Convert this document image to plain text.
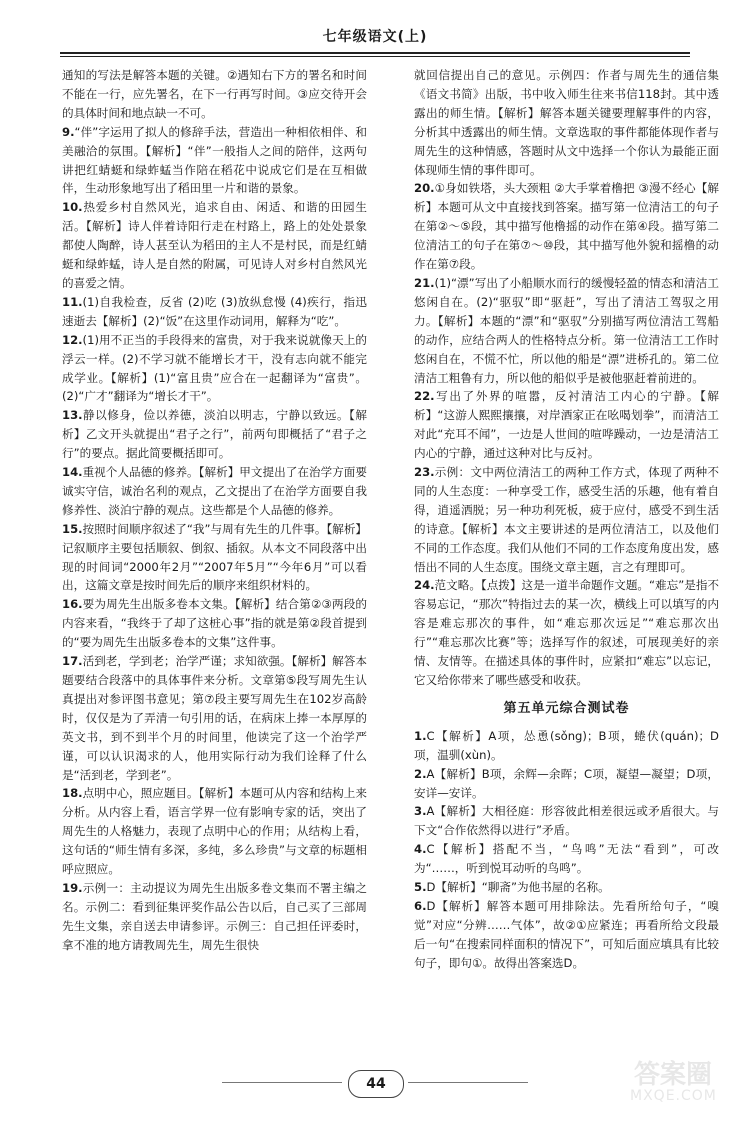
七年级语文(上)

通知的写法是解答本题的关键。②遇知右下方的署名和时间不能在一行，应先署名，在下一行再写时间。③应交待开会的具体时间和地点缺一不可。

9.“伴”字运用了拟人的修辞手法，营造出一种相依相伴、和美融洽的氛围。【解析】“伴”一般指人之间的陪伴，这两句讲把红蜻蜓和绿蚱蜢当作陪在稻花中说成它们是在互相做伴，生动形象地写出了稻田里一片和谐的景象。

10.热爱乡村自然风光，追求自由、闲适、和谐的田园生活。【解析】诗人伴着诗阳行走在村路上，路上的处处景象都使人陶醉，诗人甚至认为稻田的主人不是村民，而是红蜻蜓和绿蚱蜢，诗人是自然的附属，可见诗人对乡村自然风光的喜爱之情。

11.(1)自我检查，反省 (2)吃 (3)放纵怠慢 (4)疾行，指迅速逝去【解析】(2)“饭”在这里作动词用，解释为“吃”。

12.(1)用不正当的手段得来的富贵，对于我来说就像天上的浮云一样。(2)不学习就不能增长才干，没有志向就不能完成学业。【解析】(1)“富且贵”应合在一起翻译为“富贵”。(2)“广才”翻译为“增长才干”。

13.静以修身，俭以养德，淡泊以明志，宁静以致远。【解析】乙文开头就提出“君子之行”，前两句即概括了“君子之行”的要点。据此简要概括即可。

14.重视个人品德的修养。【解析】甲文提出了在治学方面要诚实守信，诚治名利的观点，乙文提出了在治学方面要自我修养性、淡泊宁静的观点。这些都是个人品德的修养。

15.按照时间顺序叙述了“我”与周有先生的几件事。【解析】记叙顺序主要包括顺叙、倒叙、插叙。从本文不同段落中出现的时间词“2000年2月”“2007年5月”“今年6月”可以看出，这篇文章是按时间先后的顺序来组织材料的。

16.要为周先生出版多卷本文集。【解析】结合第②③两段的内容来看，“我终于了却了这桩心事”指的就是第②段首提到的“要为周先生出版多卷本的文集”这件事。

17.活到老，学到老；治学严谨；求知欲强。【解析】解答本题要结合段落中的具体事件来分析。文章第⑤段写周先生认真提出对参评图书意见；第⑦段主要写周先生在102岁高龄时，仅仅是为了弄清一句引用的话，在病床上捧一本厚厚的英文书，到不到半个月的时间里，他读完了这一个治学严谨，可以认识渴求的人，他用实际行动为我们诠释了什么是“活到老，学到老”。

18.点明中心，照应题目。【解析】本题可从内容和结构上来分析。从内容上看，语言学界一位有影响专家的话，突出了周先生的人格魅力，表现了点明中心的作用；从结构上看，这句话的“师生情有多深，多纯，多么珍贵”与文章的标题相呼应照应。

19.示例一：主动提议为周先生出版多卷文集而不署主编之名。示例二：看到征集评奖作品公告以后，自己买了三部周先生文集，亲自送去申请参评。示例三：自己担任评委时，拿不准的地方请教周先生，周先生很快

就回信提出自己的意见。示例四：作者与周先生的通信集《语文书简》出版，书中收入师生往来书信118封。其中透露出的师生情。【解析】解答本题关键要理解事件的内容，分析其中透露出的师生情。文章选取的事件都能体现作者与周先生的这种情感，答题时从文中选择一个你认为最能正面体现师生情的事件即可。

20.①身如铁塔，头大颈粗 ②大手掌着橹把 ③漫不经心【解析】本题可从文中直接找到答案。描写第一位清洁工的句子在第②～⑤段，其中描写他橹摇的动作在第④段。描写第二位清洁工的句子在第⑦～⑩段，其中描写他外貌和摇橹的动作在第⑦段。

21.(1)“漂”写出了小船顺水而行的缓慢轻盈的情态和清洁工悠闲自在。(2)“驱驭”即“驱赶”，写出了清洁工驾驭之用力。【解析】本题的“漂”和“驱驭”分别描写两位清洁工驾船的动作，应结合两人的性格特点分析。第一位清洁工工作时悠闲自在，不慌不忙，所以他的船是“漂”进桥孔的。第二位清洁工粗鲁有力，所以他的船似乎是被他驱赶着前进的。

22.写出了外界的喧嚣，反衬清洁工内心的宁静。【解析】“这游人熙熙攘攘，对岸酒家正在吆喝划拳”，而清洁工对此“充耳不闻”，一边是人世间的喧哗躁动，一边是清洁工内心的宁静，通过这种对比与反衬。

23.示例：文中两位清洁工的两种工作方式，体现了两种不同的人生态度：一种享受工作，感受生活的乐趣，他有着自得，逍遥洒脱；另一种功利死板，疲于应付，感受不到生活的诗意。【解析】本文主要讲述的是两位清洁工，以及他们不同的工作态度。我们从他们不同的工作态度角度出发，感悟出不同的人生态度。围绕文章主题，言之有理即可。

24.范文略。【点拨】这是一道半命题作文题。“难忘”是指不容易忘记，“那次”特指过去的某一次，横线上可以填写的内容是难忘那次的事件，如“难忘那次远足”“难忘那次出行”“难忘那次比赛”等；选择写作的叙述，可展现美好的亲情、友情等。在描述具体的事件时，应紧扣“难忘”以忘记，它又给你带来了哪些感受和收获。

第五单元综合测试卷

1.C【解析】A项，怂恿(sǒng)；B项，蜷伏(quán)；D项，温驯(xùn)。

2.A【解析】B项，余辉—余晖；C项，凝望—凝望；D项，安详—安详。

3.A【解析】大相径庭：形容彼此相差很远或矛盾很大。与下文“合作依然得以进行”矛盾。

4.C【解析】搭配不当，“鸟鸣”无法“看到”，可改为“……，听到悦耳动听的鸟鸣”。

5.D【解析】“聊斋”为他书屋的名称。

6.D【解析】解答本题可用排除法。先看所给句子，“嗅觉”对应“分辨……气体”，故②①应紧连；再看所给文段最后一句“在搜索同样面积的情况下”，可知后面应填具有比较句子，即句①。故得出答案选D。

44	答案圈
MXQE.COM
